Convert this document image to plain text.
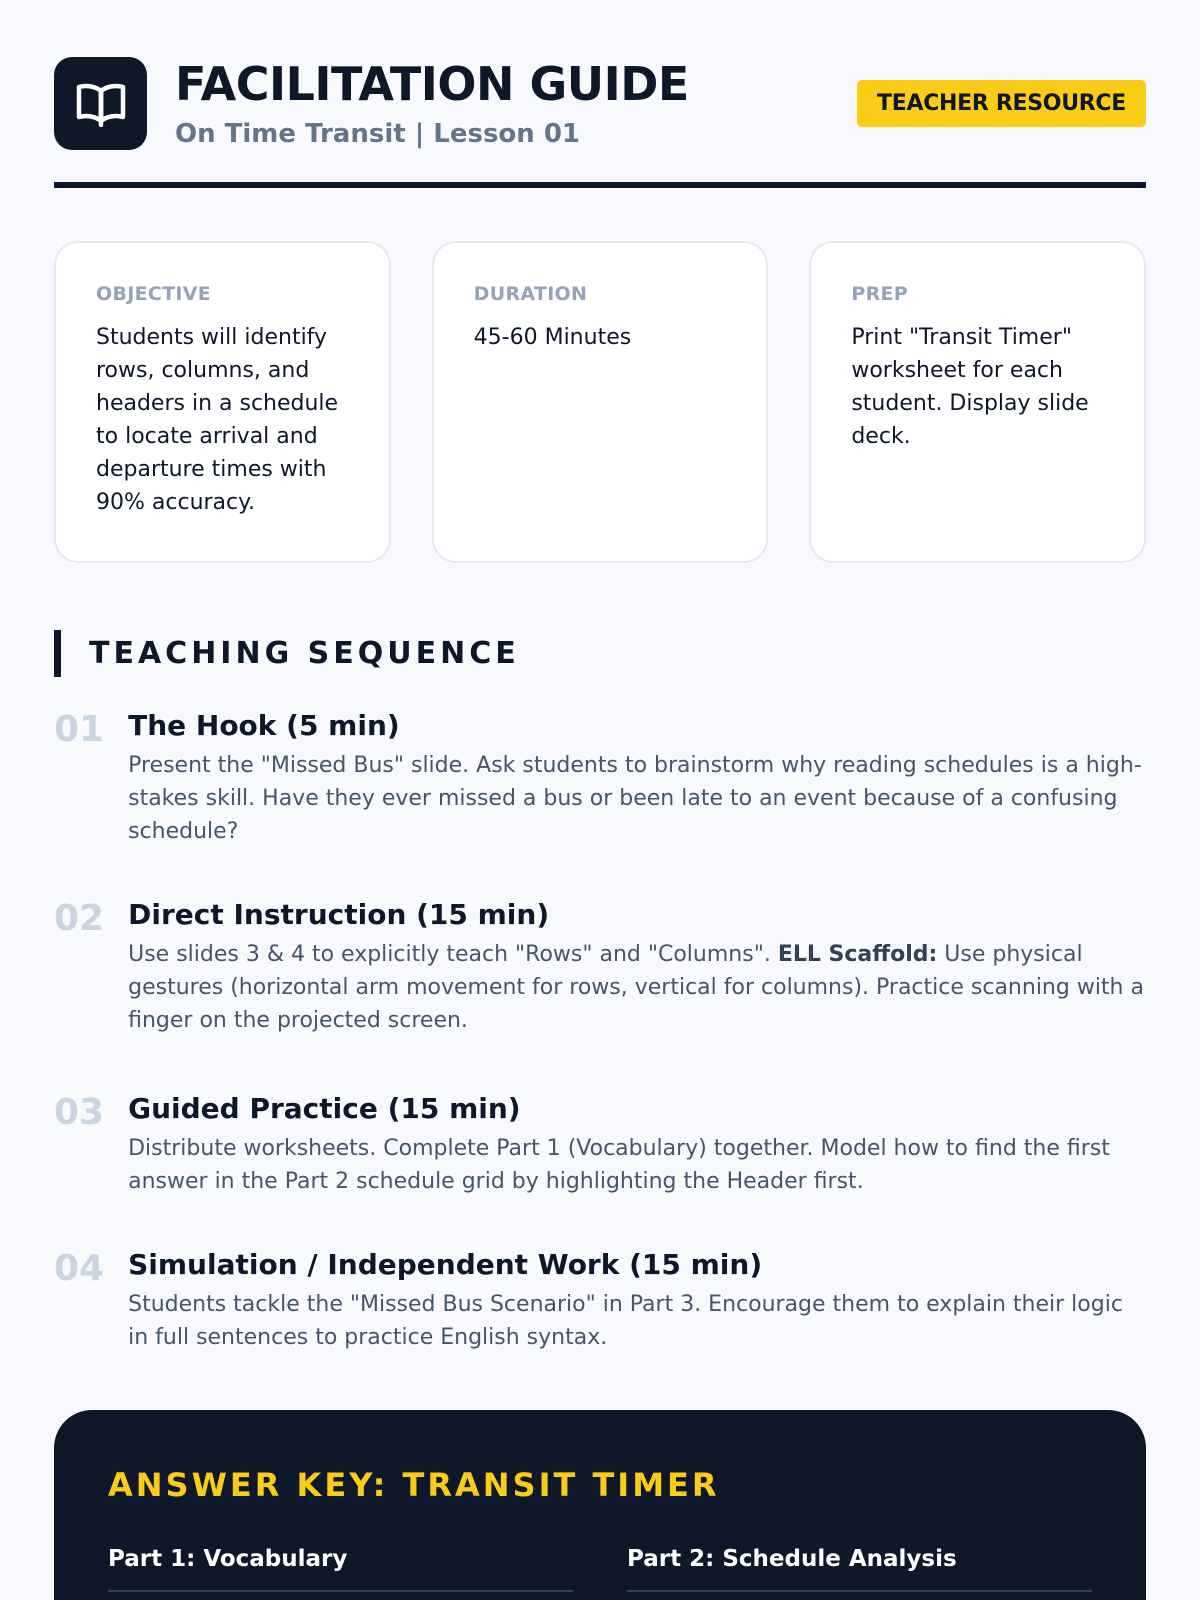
FACILITATION GUIDE
On Time Transit | Lesson 01
TEACHER RESOURCE
OBJECTIVE
Students will identify rows, columns, and headers in a schedule to locate arrival and departure times with 90% accuracy.
DURATION
45-60 Minutes
PREP
Print "Transit Timer" worksheet for each student. Display slide deck.
TEACHING SEQUENCE
01 The Hook (5 min)
Present the "Missed Bus" slide. Ask students to brainstorm why reading schedules is a high-stakes skill. Have they ever missed a bus or been late to an event because of a confusing schedule?
02 Direct Instruction (15 min)
Use slides 3 & 4 to explicitly teach "Rows" and "Columns". ELL Scaffold: Use physical gestures (horizontal arm movement for rows, vertical for columns). Practice scanning with a finger on the projected screen.
03 Guided Practice (15 min)
Distribute worksheets. Complete Part 1 (Vocabulary) together. Model how to find the first answer in the Part 2 schedule grid by highlighting the Header first.
04 Simulation / Independent Work (15 min)
Students tackle the "Missed Bus Scenario" in Part 3. Encourage them to explain their logic in full sentences to practice English syntax.
ANSWER KEY: TRANSIT TIMER
Part 1: Vocabulary	Part 2: Schedule Analysis
